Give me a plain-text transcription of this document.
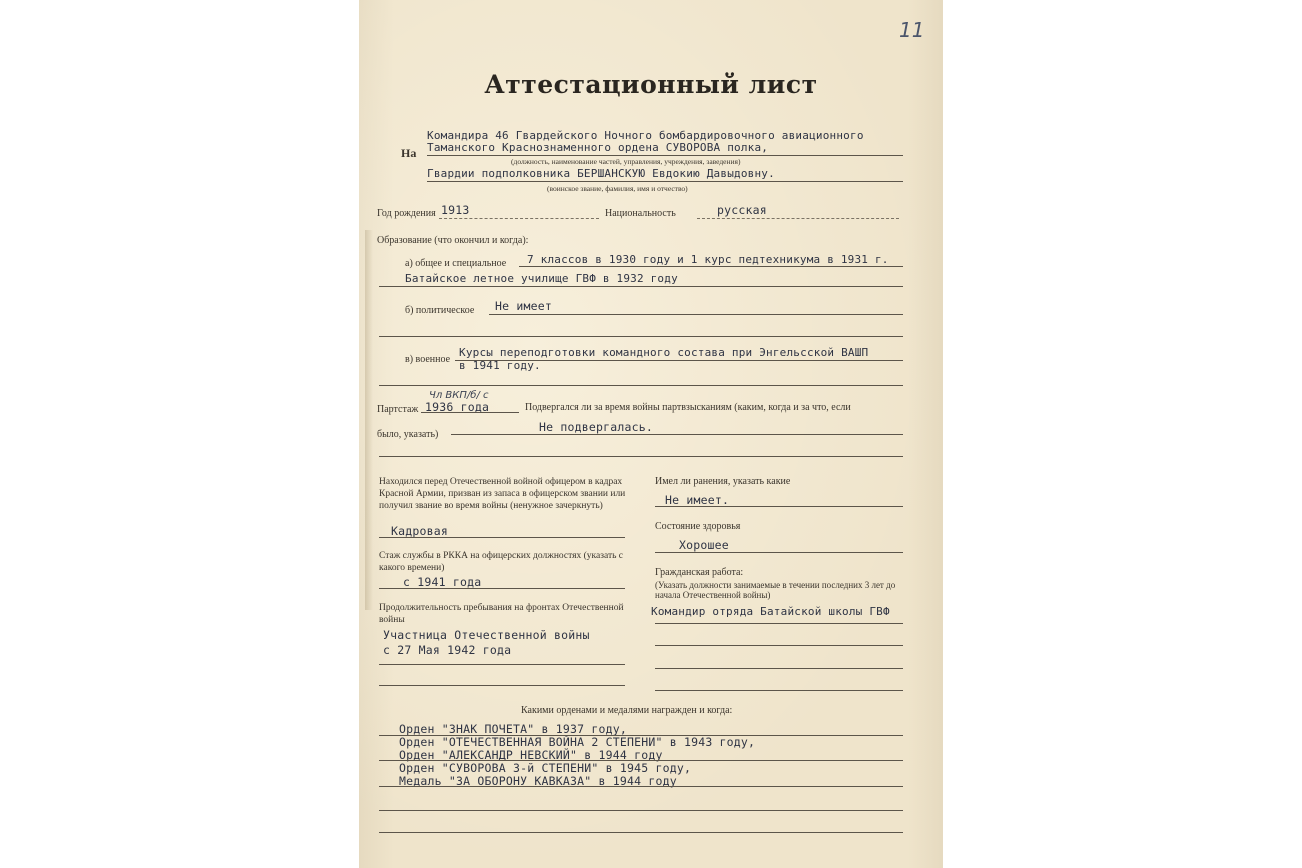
11
Аттестационный лист
На
Командира 46 Гвардейского Ночного бомбардировочного авиационного
Таманского Краснознаменного ордена СУВОРОВА полка,
(должность, наименование частей, управления, учреждения, заведения)
Гвардии подполковника БЕРШАНСКУЮ Евдокию Давыдовну.
(воинское звание, фамилия, имя и отчество)
Год рождения 1913	Национальность	русская
Образование (что окончил и когда):
а) общее и специальное 7 классов в 1930 году и 1 курс педтехникума в 1931 г.
Батайское летное училище ГВФ в 1932 году
б) политическое Не имеет
в) военное
Курсы переподготовки командного состава при Энгельсской ВАШП
в 1941 году.
Чл ВКП/б/ с
Партстаж 1936 года	Подвергался ли за время войны партвзысканиям (каким, когда и за что, если
было, указать)
Не подвергалась.
Находился перед Отечественной войной офицером в кадрах Красной Армии, призван из запаса в офицерском звании или получил звание во время войны (ненужное зачеркнуть)
Кадровая
Стаж службы в РККА на офицерских должностях (указать с какого времени)
с 1941 года
Продолжительность пребывания на фронтах Отечественной войны
Участница Отечественной войны
с 27 Мая 1942 года
Имел ли ранения, указать какие
Не имеет.
Состояние здоровья
Хорошее
Гражданская работа:
(Указать должности занимаемые в течении последних 3 лет до начала Отечественной войны)
Командир отряда Батайской школы ГВФ
Какими орденами и медалями награжден и когда:
Орден "ЗНАК ПОЧЕТА" в 1937 году,
Орден "ОТЕЧЕСТВЕННАЯ ВОЙНА 2 СТЕПЕНИ" в 1943 году,
Орден "АЛЕКСАНДР НЕВСКИЙ" в 1944 году
Орден "СУВОРОВА 3-й СТЕПЕНИ" в 1945 году,
Медаль "ЗА ОБОРОНУ КАВКАЗА" в 1944 году
